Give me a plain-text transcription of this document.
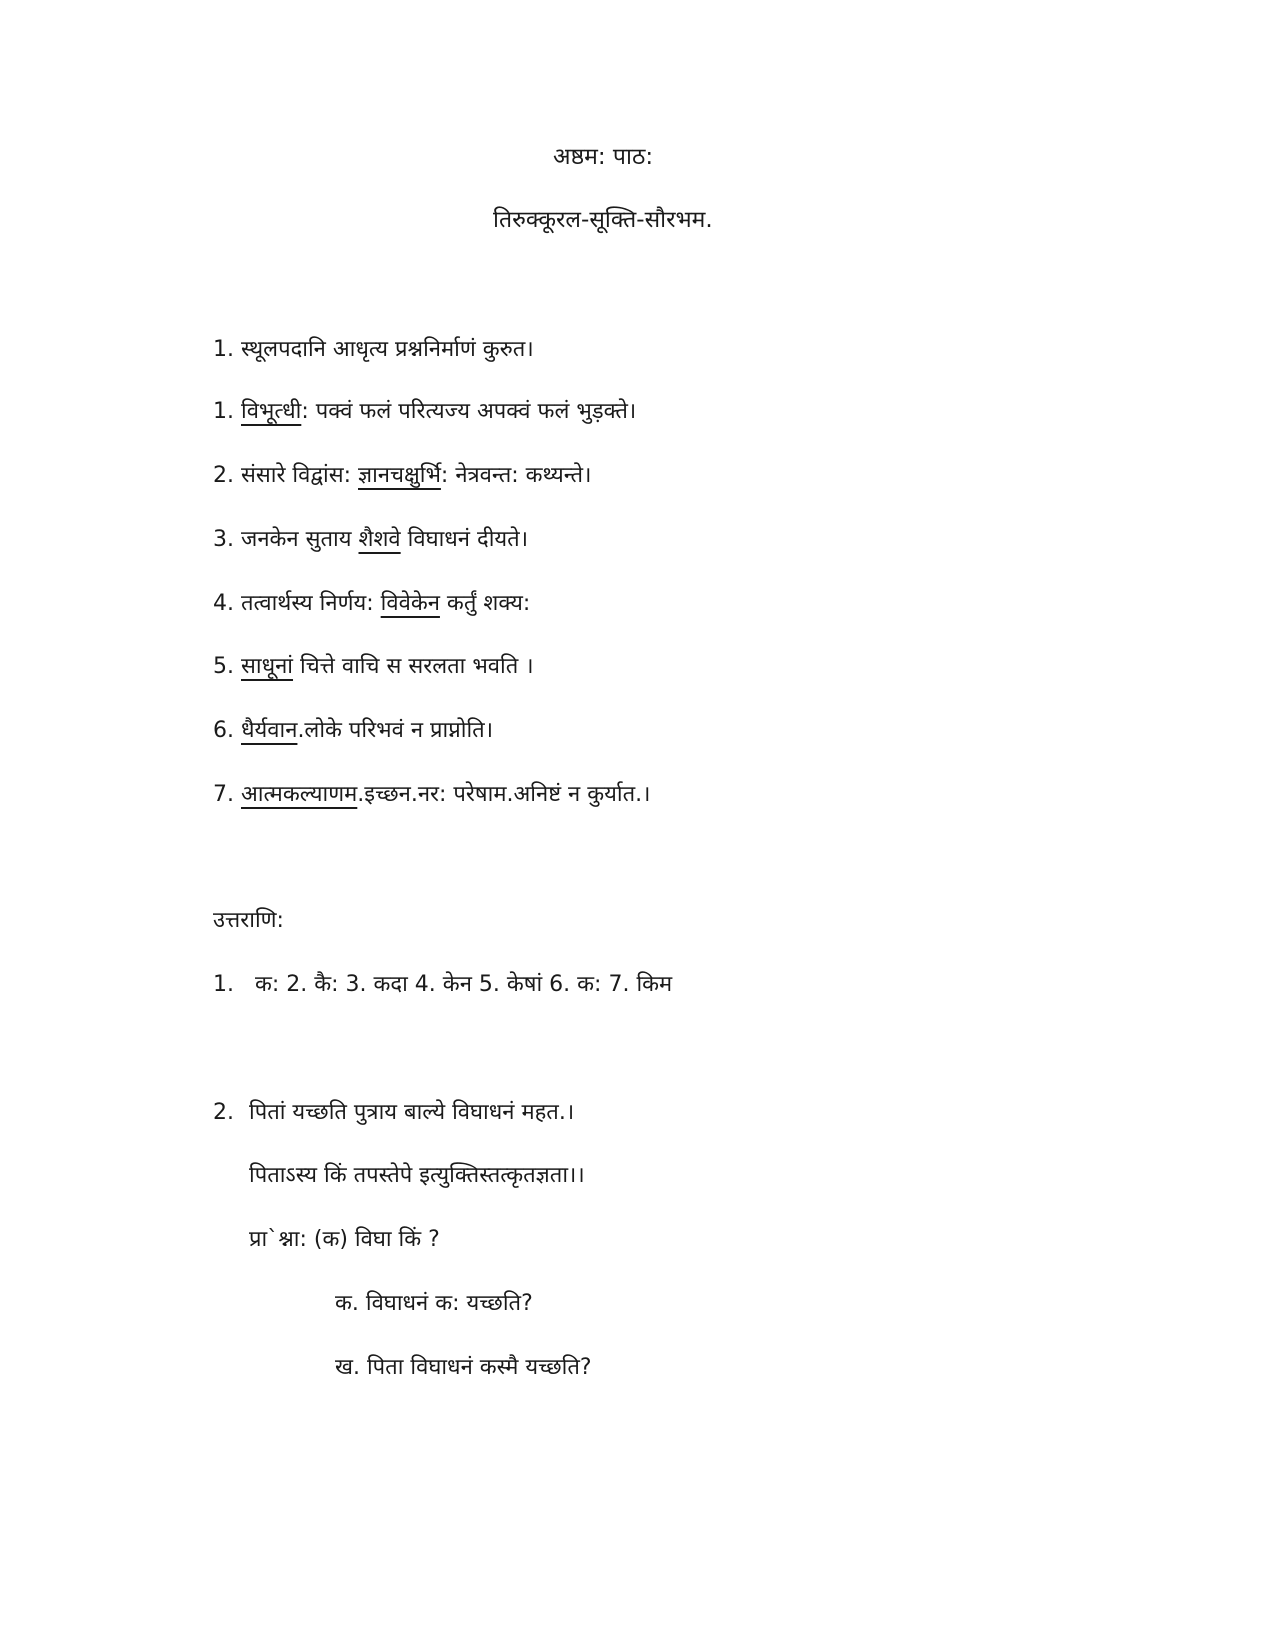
अष्ठम: पाठ:
तिरुक्कूरल-सूक्ति-सौरभम.
1. स्थूलपदानि आधृत्य प्रश्ननिर्माणं कुरुत।
1. विभूत्धी: पक्वं फलं परित्यज्य अपक्वं फलं भुड़क्ते।
2. संसारे विद्वांस: ज्ञानचक्षुर्भि: नेत्रवन्त: कथ्यन्ते।
3. जनकेन सुताय शैशवे विघाधनं दीयते।
4. तत्वार्थस्य निर्णय: विवेकेन कर्तुं शक्य:
5. साधूनां चित्ते वाचि स सरलता भवति ।
6. धैर्यवान.लोके परिभवं न प्राप्नोति।
7. आत्मकल्याणम.इच्छन.नर: परेषाम.अनिष्टं न कुर्यात.।
उत्तराणि:
1.   क: 2. कै: 3. कदा 4. केन 5. केषां 6. क: 7. किम
2. पितां यच्छति पुत्राय बाल्ये विघाधनं महत.।
पिताऽस्य किं तपस्तेपे इत्युक्तिस्तत्कृतज्ञता।।
प्रा`श्ना: (क) विघा किं ?
क. विघाधनं क: यच्छति?
ख. पिता विघाधनं कस्मै यच्छति?
